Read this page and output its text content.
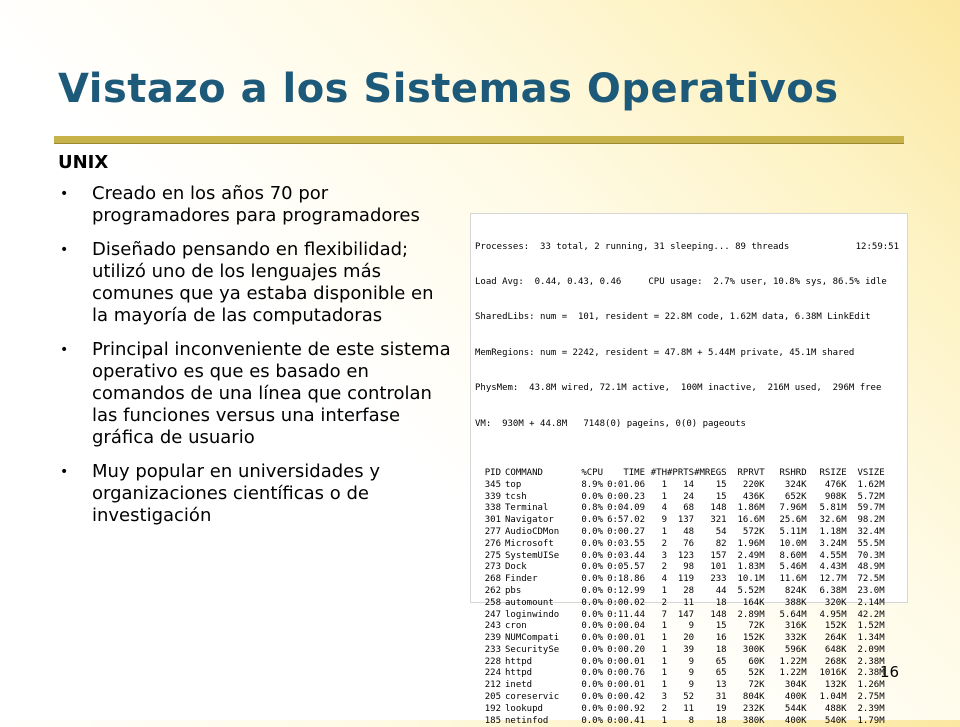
Vistazo a los Sistemas Operativos
UNIX
• Creado en los años 70 por programadores para programadores
• Diseñado pensando en flexibilidad; utilizó uno de los lenguajes más comunes que ya estaba disponible en la mayoría de las computadoras
• Principal inconveniente de este sistema operativo es que es basado en comandos de una línea que controlan las funciones versus una interfase gráfica de usuario
• Muy popular en universidades y organizaciones científicas o de investigación

Processes:  33 total, 2 running, 31 sleeping... 89 threads	12:59:51

Load Avg:  0.44, 0.43, 0.46     CPU usage:  2.7% user, 10.8% sys, 86.5% idle

SharedLibs: num =  101, resident = 22.8M code, 1.62M data, 6.38M LinkEdit

MemRegions: num = 2242, resident = 47.8M + 5.44M private, 45.1M shared

PhysMem:  43.8M wired, 72.1M active,  100M inactive,  216M used,  296M free

VM:  930M + 44.8M   7148(0) pageins, 0(0) pageouts

PID	COMMAND	%CPU	TIME	#TH	#PRTS	#MREGS	RPRVT	RSHRD	RSIZE	VSIZE
345	top	8.9%	0:01.06	1	14	15	220K	324K	476K	1.62M
339	tcsh	0.0%	0:00.23	1	24	15	436K	652K	908K	5.72M
338	Terminal	0.8%	0:04.09	4	68	148	1.86M	7.96M	5.81M	59.7M
301	Navigator	0.0%	6:57.02	9	137	321	16.6M	25.6M	32.6M	98.2M
277	AudioCDMon	0.0%	0:00.27	1	48	54	572K	5.11M	1.18M	32.4M
276	Microsoft	0.0%	0:03.55	2	76	82	1.96M	10.0M	3.24M	55.5M
275	SystemUISe	0.0%	0:03.44	3	123	157	2.49M	8.60M	4.55M	70.3M
273	Dock	0.0%	0:05.57	2	98	101	1.83M	5.46M	4.43M	48.9M
268	Finder	0.0%	0:18.86	4	119	233	10.1M	11.6M	12.7M	72.5M
262	pbs	0.0%	0:12.99	1	28	44	5.52M	824K	6.38M	23.0M
258	automount	0.0%	0:00.02	2	11	18	164K	388K	320K	2.14M
247	loginwindo	0.0%	0:11.44	7	147	148	2.89M	5.64M	4.95M	42.2M
243	cron	0.0%	0:00.04	1	9	15	72K	316K	152K	1.52M
239	NUMCompati	0.0%	0:00.01	1	20	16	152K	332K	264K	1.34M
233	SecuritySe	0.0%	0:00.20	1	39	18	300K	596K	648K	2.09M
228	httpd	0.0%	0:00.01	1	9	65	60K	1.22M	268K	2.38M
224	httpd	0.0%	0:00.76	1	9	65	52K	1.22M	1016K	2.38M
212	inetd	0.0%	0:00.01	1	9	13	72K	304K	132K	1.26M
205	coreservic	0.0%	0:00.42	3	52	31	804K	400K	1.04M	2.75M
192	lookupd	0.0%	0:00.92	2	11	19	232K	544K	488K	2.39M
185	netinfod	0.0%	0:00.41	1	8	18	380K	400K	540K	1.79M
16
